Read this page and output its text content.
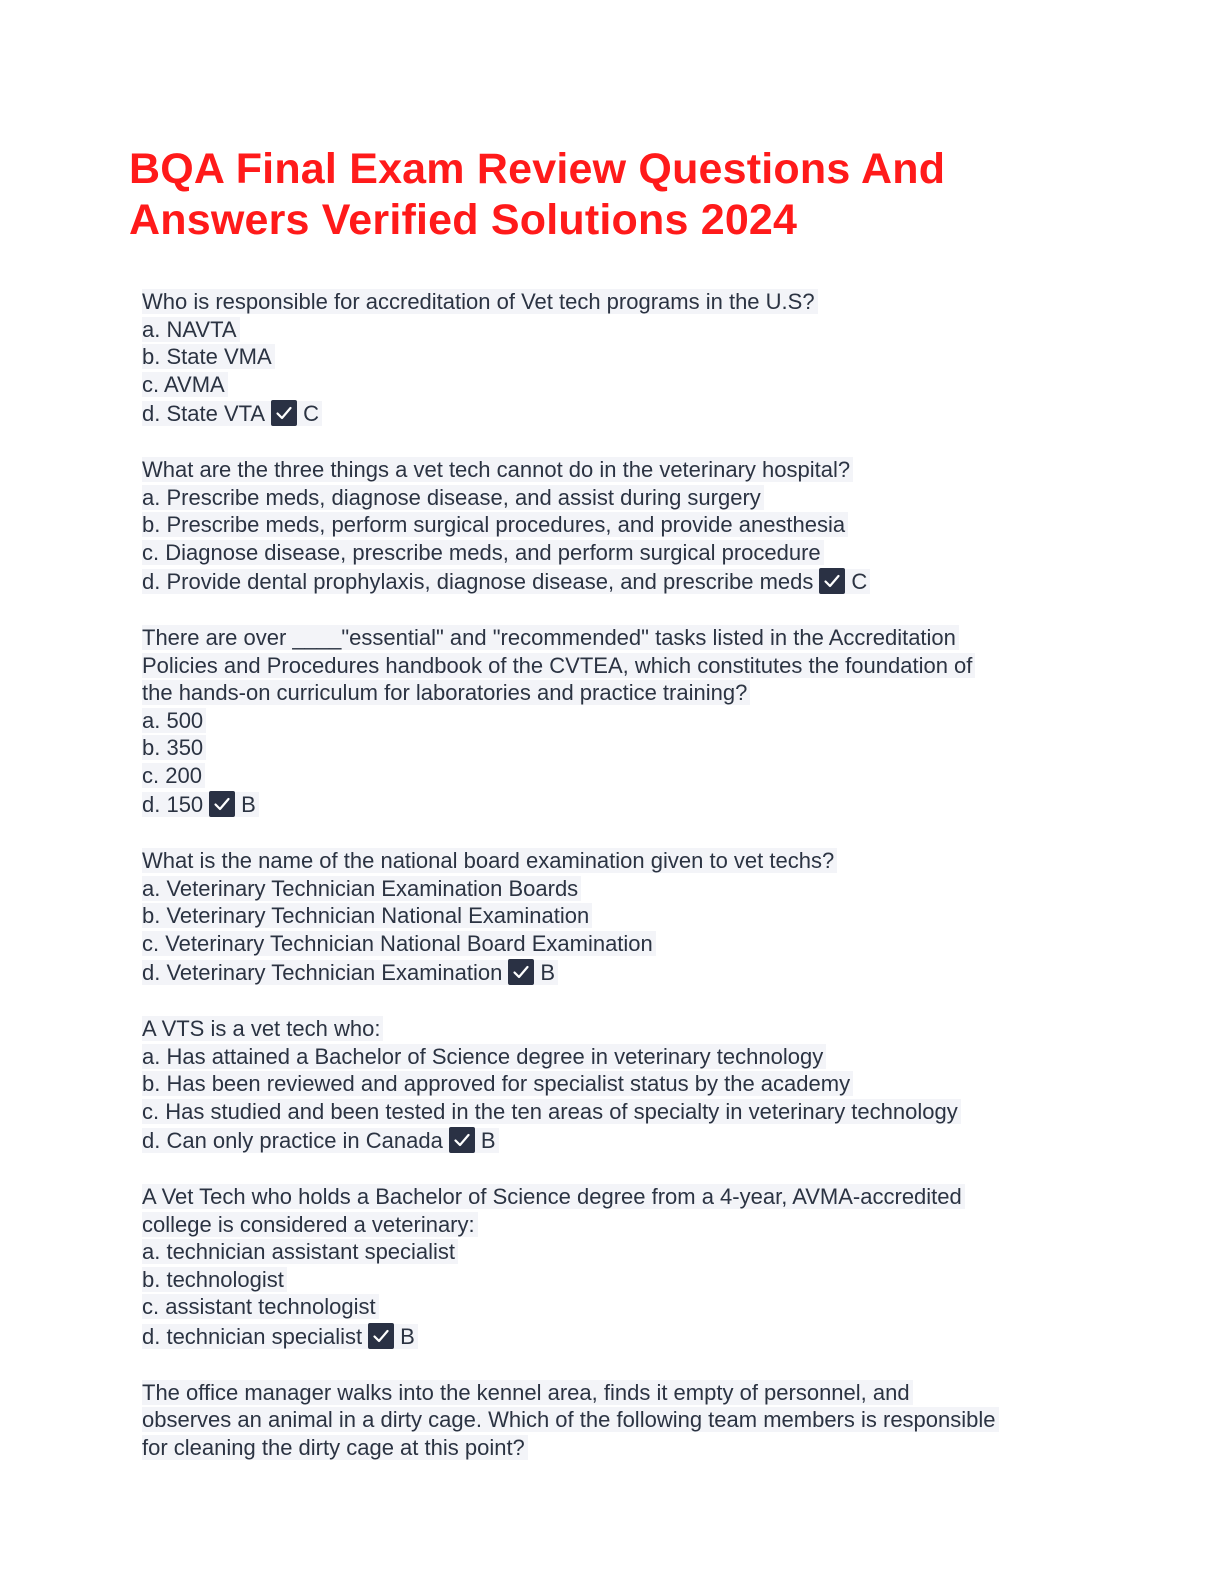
BQA Final Exam Review Questions And
Answers Verified Solutions 2024
Who is responsible for accreditation of Vet tech programs in the U.S?
a. NAVTA
b. State VMA
c. AVMA
d. State VTA C
What are the three things a vet tech cannot do in the veterinary hospital?
a. Prescribe meds, diagnose disease, and assist during surgery
b. Prescribe meds, perform surgical procedures, and provide anesthesia
c. Diagnose disease, prescribe meds, and perform surgical procedure
d. Provide dental prophylaxis, diagnose disease, and prescribe meds C
There are over ____"essential" and "recommended" tasks listed in the Accreditation
Policies and Procedures handbook of the CVTEA, which constitutes the foundation of
the hands-on curriculum for laboratories and practice training?
a. 500
b. 350
c. 200
d. 150 B
What is the name of the national board examination given to vet techs?
a. Veterinary Technician Examination Boards
b. Veterinary Technician National Examination
c. Veterinary Technician National Board Examination
d. Veterinary Technician Examination B
A VTS is a vet tech who:
a. Has attained a Bachelor of Science degree in veterinary technology
b. Has been reviewed and approved for specialist status by the academy
c. Has studied and been tested in the ten areas of specialty in veterinary technology
d. Can only practice in Canada B
A Vet Tech who holds a Bachelor of Science degree from a 4-year, AVMA-accredited
college is considered a veterinary:
a. technician assistant specialist
b. technologist
c. assistant technologist
d. technician specialist B
The office manager walks into the kennel area, finds it empty of personnel, and
observes an animal in a dirty cage. Which of the following team members is responsible
for cleaning the dirty cage at this point?
